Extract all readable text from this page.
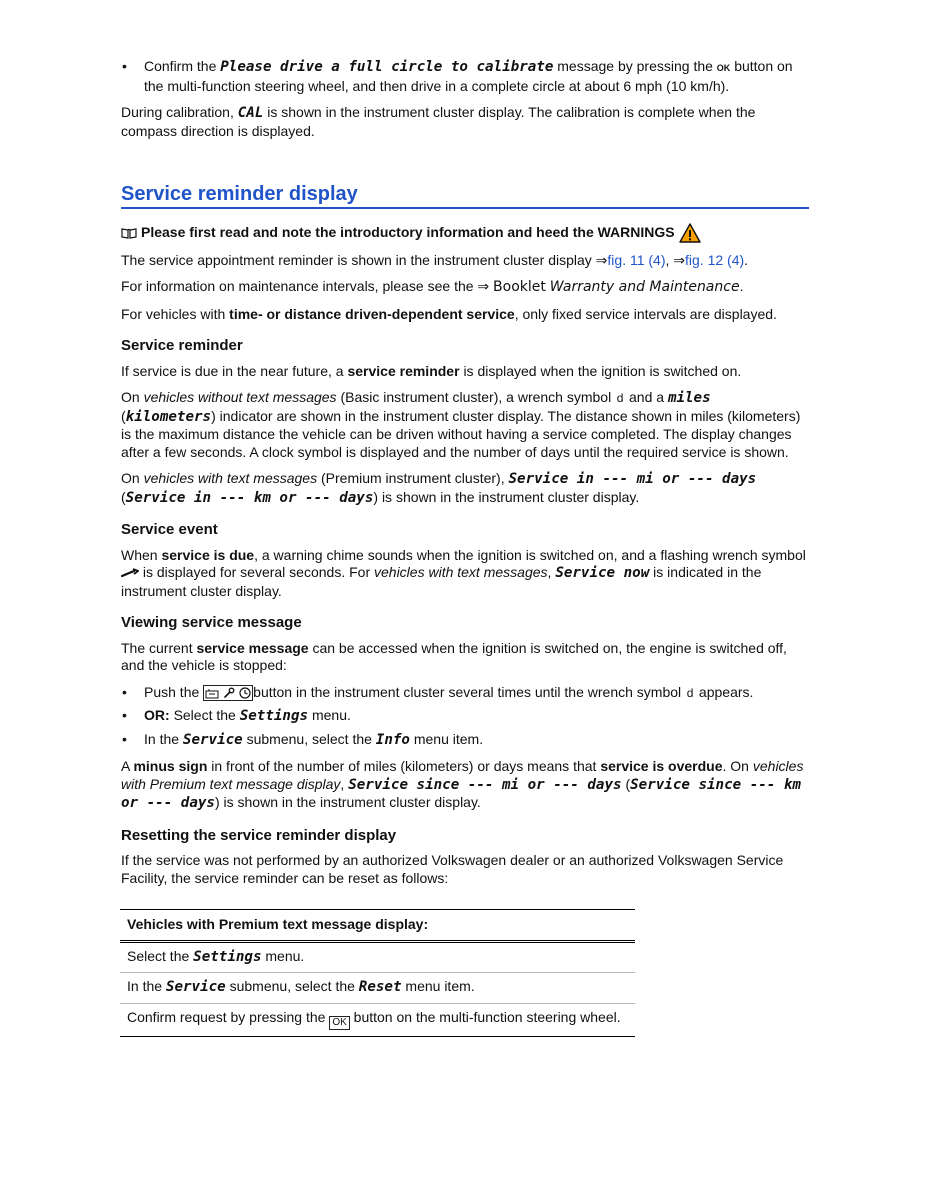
• Confirm the Please drive a full circle to calibrate message by pressing the OK button on the multi-function steering wheel, and then drive in a complete circle at about 6 mph (10 km/h).

During calibration, CAL is shown in the instrument cluster display. The calibration is complete when the compass direction is displayed.

Service reminder display
Please first read and note the introductory information and heed the WARNINGS

The service appointment reminder is shown in the instrument cluster display ⇒fig. 11 (4), ⇒fig. 12 (4).

For information on maintenance intervals, please see the ⇒ Booklet Warranty and Maintenance.

For vehicles with time- or distance driven-dependent service, only fixed service intervals are displayed.

Service reminder

If service is due in the near future, a service reminder is displayed when the ignition is switched on.

On vehicles without text messages (Basic instrument cluster), a wrench symbol d and a miles (kilometers) indicator are shown in the instrument cluster display. The distance shown in miles (kilometers) is the maximum distance the vehicle can be driven without having a service completed. The display changes after a few seconds. A clock symbol is displayed and the number of days until the required service is shown.

On vehicles with text messages (Premium instrument cluster), Service in --- mi or --- days (Service in --- km or --- days) is shown in the instrument cluster display.

Service event

When service is due, a warning chime sounds when the ignition is switched on, and a flashing wrench symbol  is displayed for several seconds. For vehicles with text messages, Service now is indicated in the instrument cluster display.

Viewing service message

The current service message can be accessed when the ignition is switched on, the engine is switched off, and the vehicle is stopped:

• Push the	button in the instrument cluster several times until the wrench symbol d appears.

• OR: Select the Settings menu.

• In the Service submenu, select the Info menu item.

A minus sign in front of the number of miles (kilometers) or days means that service is overdue. On vehicles with Premium text message display, Service since --- mi or --- days (Service since --- km or --- days) is shown in the instrument cluster display.

Resetting the service reminder display

If the service was not performed by an authorized Volkswagen dealer or an authorized Volkswagen Service Facility, the service reminder can be reset as follows:

Vehicles with Premium text message display:
Select the Settings menu.
In the Service submenu, select the Reset menu item.
Confirm request by pressing the OK button on the multi-function steering wheel.
